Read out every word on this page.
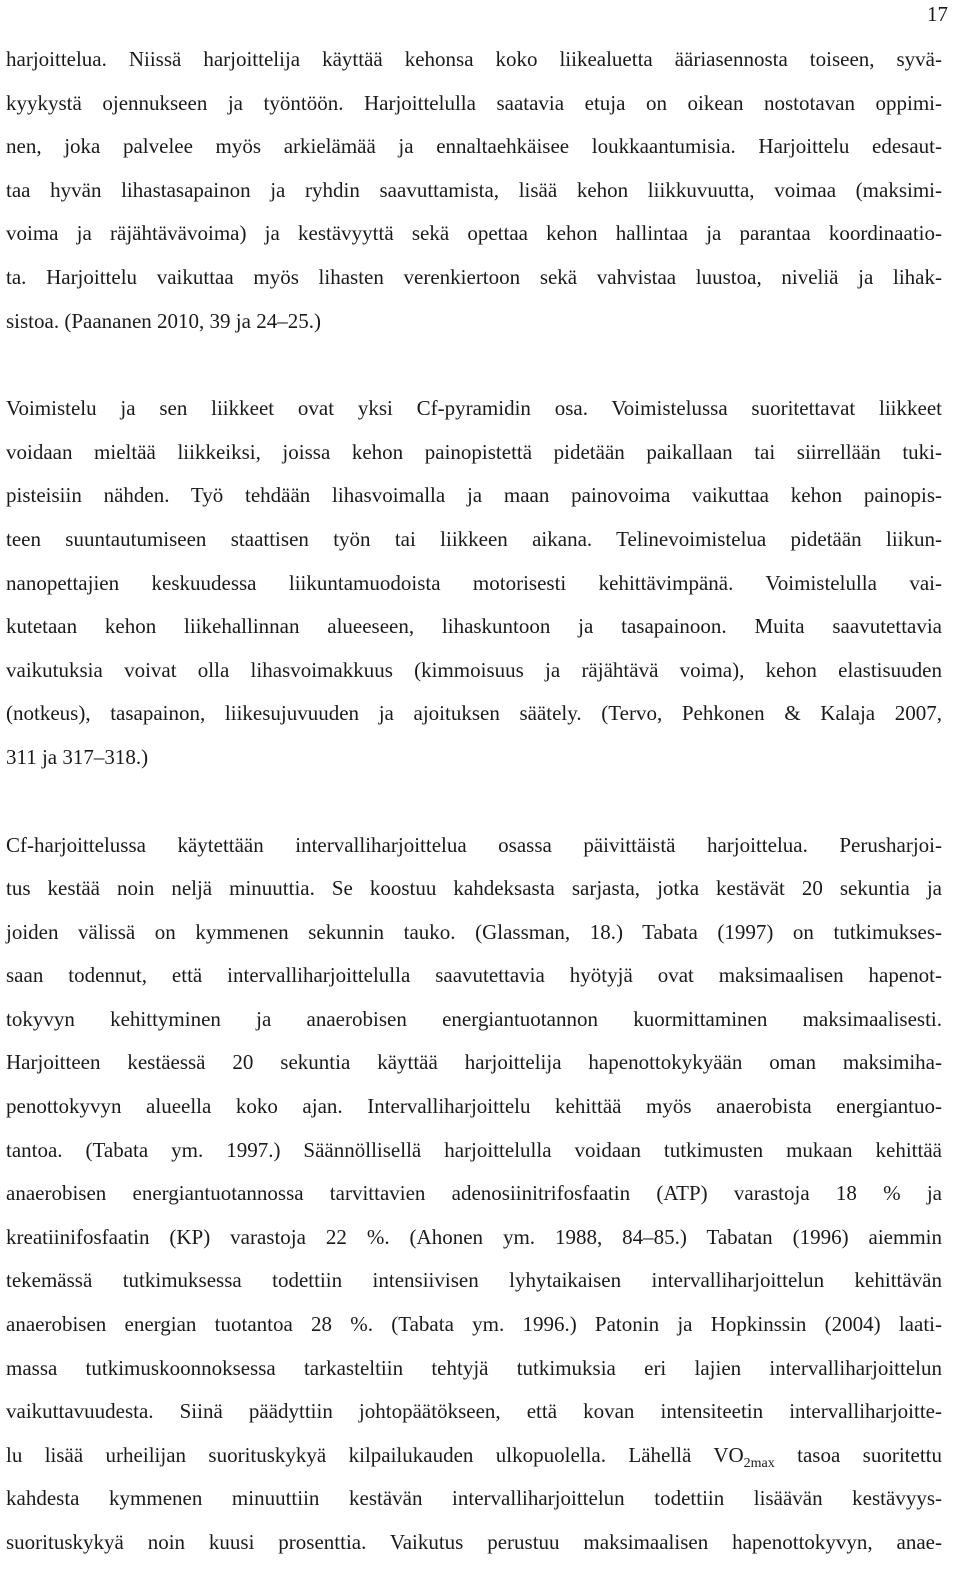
17

harjoittelua. Niissä harjoittelija käyttää kehonsa koko liikealuetta ääriasennosta toiseen, syvä-
kyykystä ojennukseen ja työntöön. Harjoittelulla saatavia etuja on oikean nostotavan oppimi-
nen, joka palvelee myös arkielämää ja ennaltaehkäisee loukkaantumisia. Harjoittelu edesaut-
taa hyvän lihastasapainon ja ryhdin saavuttamista, lisää kehon liikkuvuutta, voimaa (maksimi-
voima ja räjähtävävoima) ja kestävyyttä sekä opettaa kehon hallintaa ja parantaa koordinaatio-
ta. Harjoittelu vaikuttaa myös lihasten verenkiertoon sekä vahvistaa luustoa, niveliä ja lihak-
sistoa. (Paananen 2010, 39 ja 24–25.)

Voimistelu ja sen liikkeet ovat yksi Cf-pyramidin osa. Voimistelussa suoritettavat liikkeet
voidaan mieltää liikkeiksi, joissa kehon painopistettä pidetään paikallaan tai siirrellään tuki-
pisteisiin nähden. Työ tehdään lihasvoimalla ja maan painovoima vaikuttaa kehon painopis-
teen suuntautumiseen staattisen työn tai liikkeen aikana. Telinevoimistelua pidetään liikun-
nanopettajien keskuudessa liikuntamuodoista motorisesti kehittävimpänä. Voimistelulla vai-
kutetaan kehon liikehallinnan alueeseen, lihaskuntoon ja tasapainoon. Muita saavutettavia
vaikutuksia voivat olla lihasvoimakkuus (kimmoisuus ja räjähtävä voima), kehon elastisuuden
(notkeus), tasapainon, liikesujuvuuden ja ajoituksen säätely. (Tervo, Pehkonen & Kalaja 2007,
311 ja 317–318.)

Cf-harjoittelussa käytettään intervalliharjoittelua osassa päivittäistä harjoittelua. Perusharjoi-
tus kestää noin neljä minuuttia. Se koostuu kahdeksasta sarjasta, jotka kestävät 20 sekuntia ja
joiden välissä on kymmenen sekunnin tauko. (Glassman, 18.) Tabata (1997) on tutkimukses-
saan todennut, että intervalliharjoittelulla saavutettavia hyötyjä ovat maksimaalisen hapenot-
tokyvyn kehittyminen ja anaerobisen energiantuotannon kuormittaminen maksimaalisesti.
Harjoitteen kestäessä 20 sekuntia käyttää harjoittelija hapenottokykyään oman maksimiha-
penottokyvyn alueella koko ajan. Intervalliharjoittelu kehittää myös anaerobista energiantuo-
tantoa. (Tabata ym. 1997.) Säännöllisellä harjoittelulla voidaan tutkimusten mukaan kehittää
anaerobisen energiantuotannossa tarvittavien adenosiinitrifosfaatin (ATP) varastoja 18 % ja
kreatiinifosfaatin (KP) varastoja 22 %. (Ahonen ym. 1988, 84–85.) Tabatan (1996) aiemmin
tekemässä tutkimuksessa todettiin intensiivisen lyhytaikaisen intervalliharjoittelun kehittävän
anaerobisen energian tuotantoa 28 %. (Tabata ym. 1996.) Patonin ja Hopkinssin (2004) laati-
massa tutkimuskoonnoksessa tarkasteltiin tehtyjä tutkimuksia eri lajien intervalliharjoittelun
vaikuttavuudesta. Siinä päädyttiin johtopäätökseen, että kovan intensiteetin intervalliharjoitte-
lu lisää urheilijan suorituskykyä kilpailukauden ulkopuolella. Lähellä $VO_{2max}$ tasoa suoritettu
kahdesta kymmenen minuuttiin kestävän intervalliharjoittelun todettiin lisäävän kestävyys-
suorituskykyä noin kuusi prosenttia. Vaikutus perustuu maksimaalisen hapenottokyvyn, anae-
